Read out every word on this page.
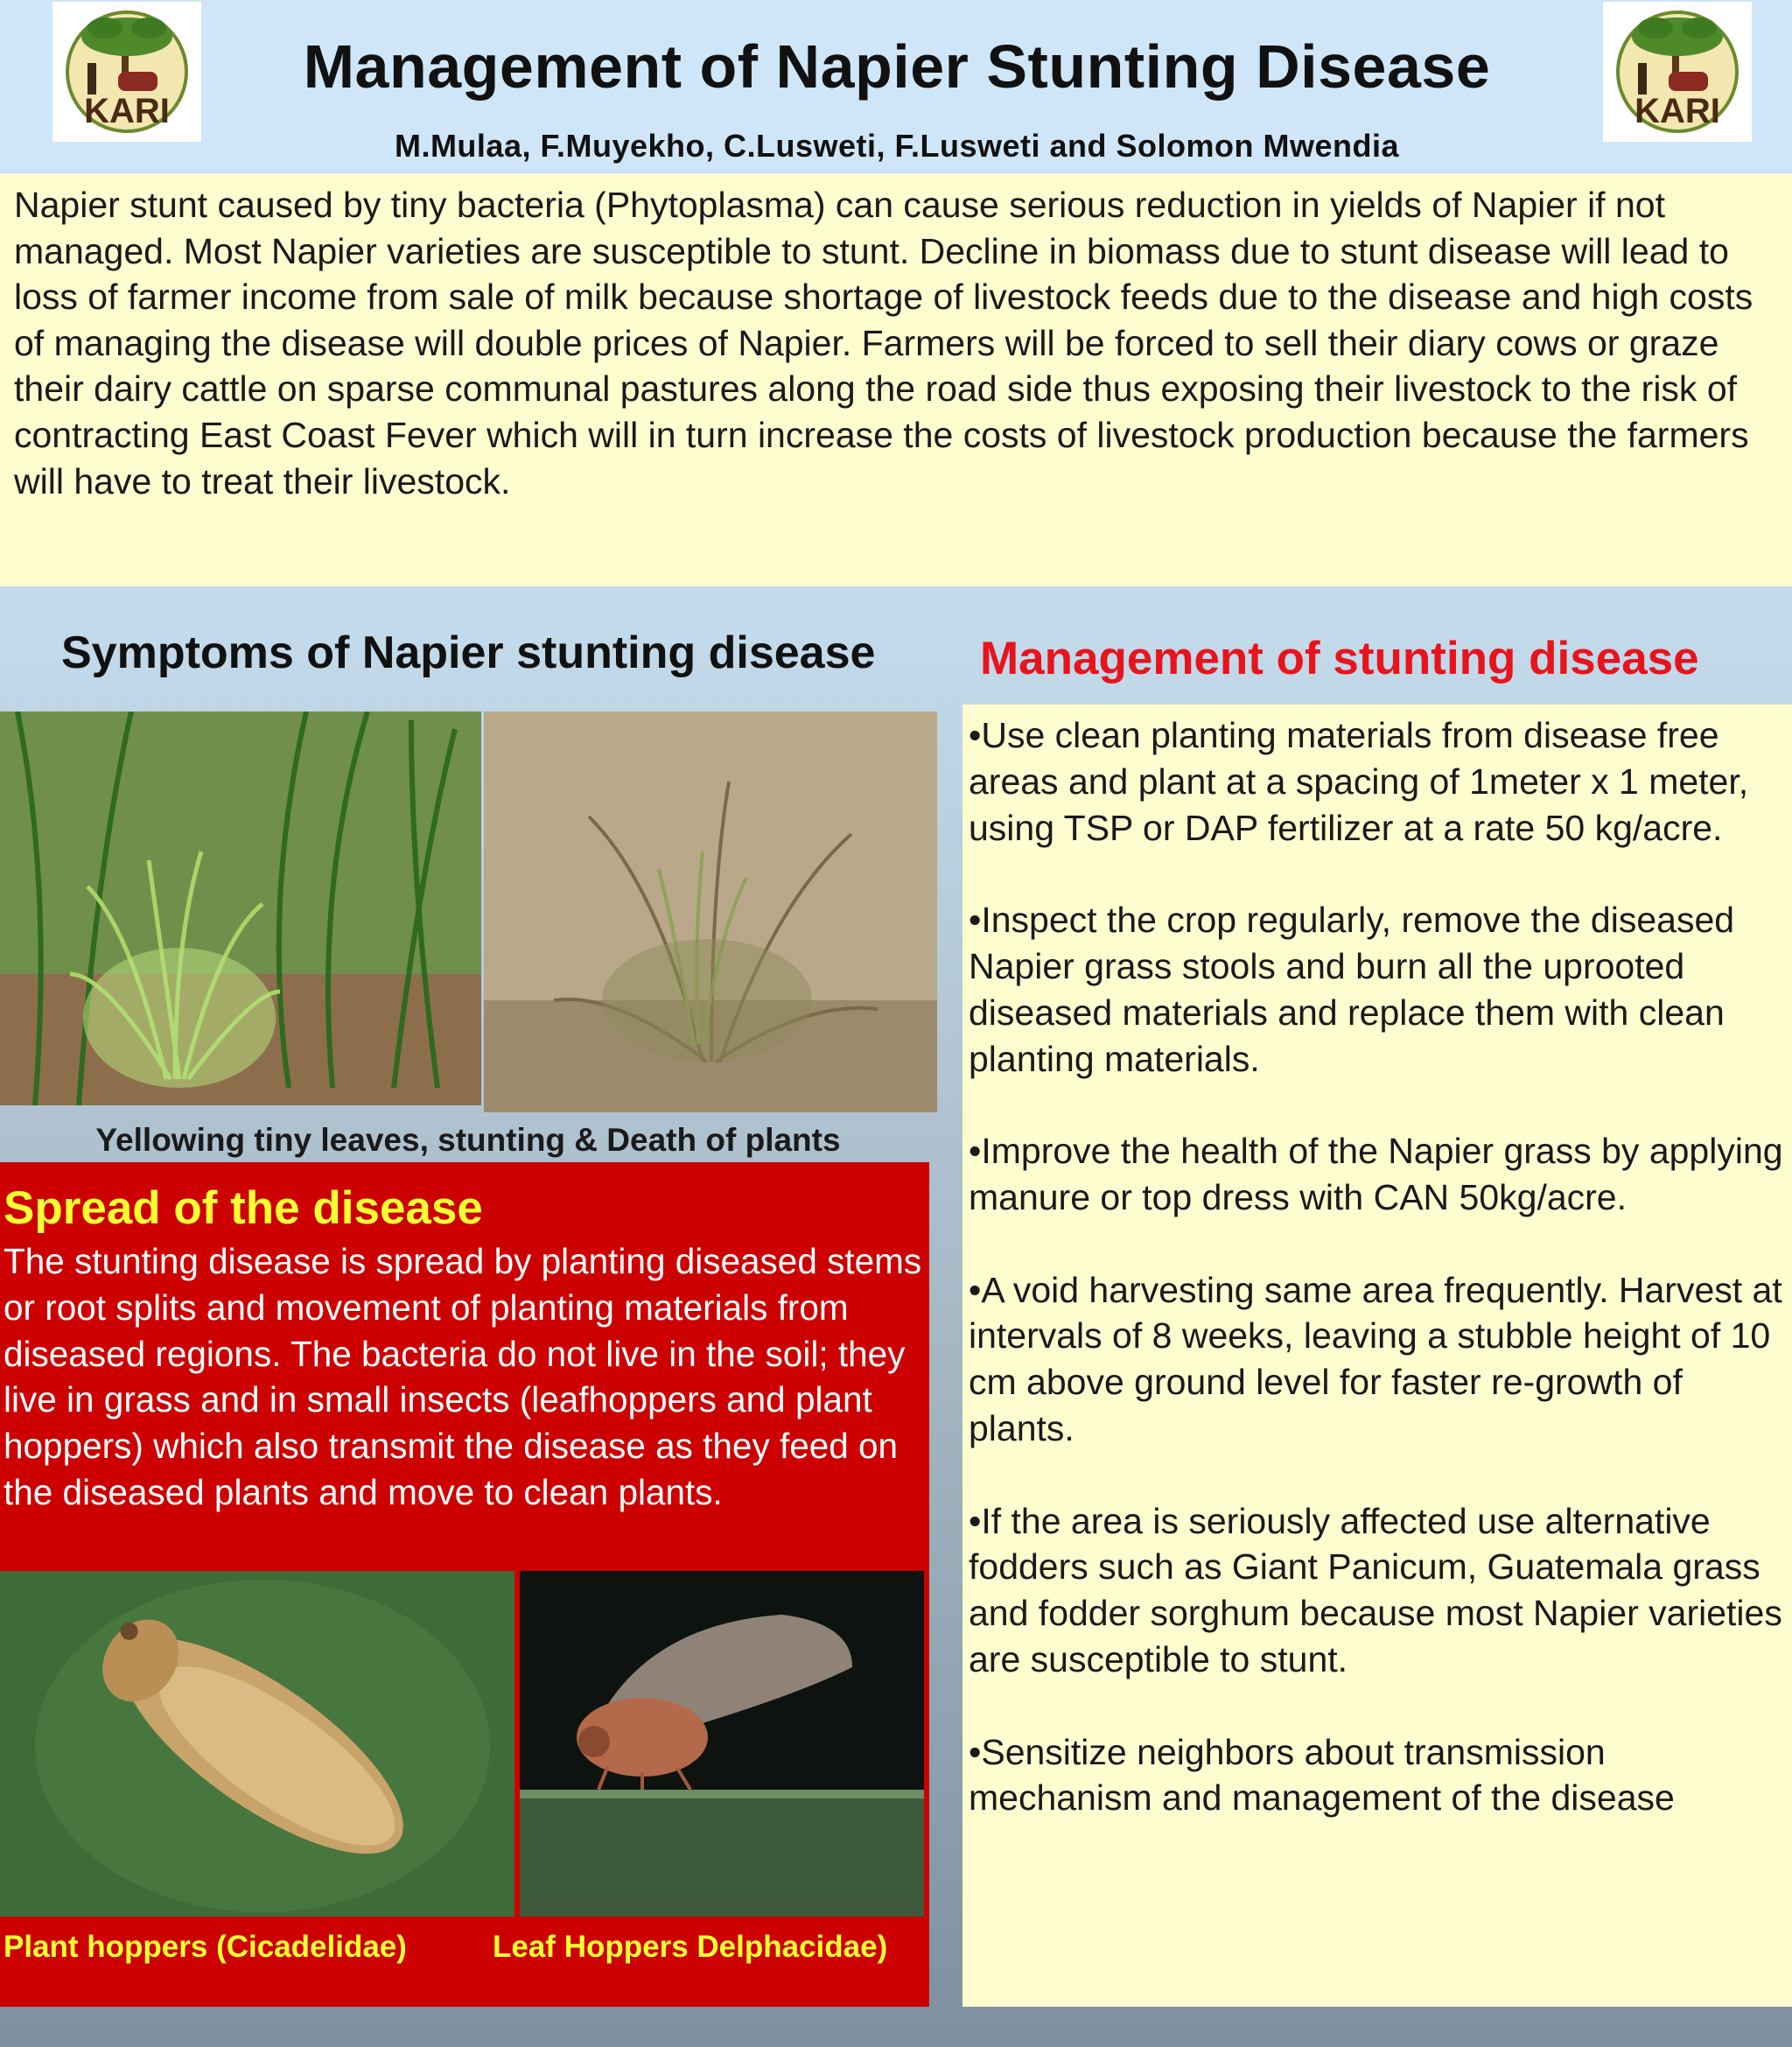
KARI	KARI
Management of Napier Stunting Disease
M.Mulaa, F.Muyekho, C.Lusweti, F.Lusweti and Solomon Mwendia
Napier stunt caused by tiny bacteria (Phytoplasma) can cause serious reduction in yields of Napier if not managed. Most Napier varieties are susceptible to stunt. Decline in biomass due to stunt disease will lead to loss of farmer income from sale of milk because shortage of livestock feeds due to the disease and high costs of managing the disease will double prices of Napier. Farmers will be forced to sell their diary cows or graze their dairy cattle on sparse communal pastures along the road side thus exposing their livestock to the risk of contracting East Coast Fever which will in turn increase the costs of livestock production because the farmers will have to treat their livestock.
Symptoms of Napier stunting disease Management of stunting disease
Yellowing tiny leaves, stunting & Death of plants
Spread of the disease
The stunting disease is spread by planting diseased stems or root splits and movement of planting materials from diseased regions. The bacteria do not live in the soil; they live in grass and in small insects (leafhoppers and plant hoppers) which also transmit the disease as they feed on the diseased plants and move to clean plants.
Plant hoppers (Cicadelidae)	Leaf Hoppers Delphacidae)
•Use clean planting materials from disease free areas and plant at a spacing of 1meter x 1 meter, using TSP or DAP fertilizer at a rate 50 kg/acre.
•Inspect the crop regularly, remove the diseased Napier grass stools and burn all the uprooted diseased materials and replace them with clean planting materials.
•Improve the health of the Napier grass by applying manure or top dress with CAN 50kg/acre.
•A void harvesting same area frequently. Harvest at intervals of 8 weeks, leaving a stubble height of 10 cm above ground level for faster re-growth of plants.
•If the area is seriously affected use alternative fodders such as Giant Panicum, Guatemala grass and fodder sorghum because most Napier varieties are susceptible to stunt.
•Sensitize neighbors about transmission mechanism and management of the disease
